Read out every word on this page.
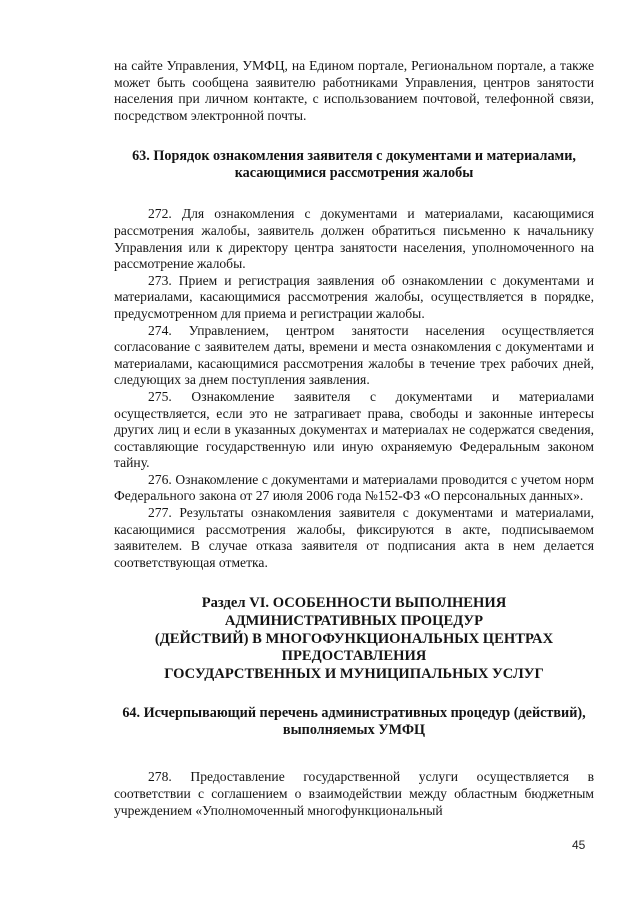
на сайте Управления, УМФЦ, на Едином портале, Региональном портале, а также может быть сообщена заявителю работниками Управления, центров занятости населения при личном контакте, с использованием почтовой, телефонной связи, посредством электронной почты.

63. Порядок ознакомления заявителя с документами и материалами, касающимися рассмотрения жалобы

272. Для ознакомления с документами и материалами, касающимися рассмотрения жалобы, заявитель должен обратиться письменно к начальнику Управления или к директору центра занятости населения, уполномоченного на рассмотрение жалобы.

273. Прием и регистрация заявления об ознакомлении с документами и материалами, касающимися рассмотрения жалобы, осуществляется в порядке, предусмотренном для приема и регистрации жалобы.

274. Управлением, центром занятости населения осуществляется согласование с заявителем даты, времени и места ознакомления с документами и материалами, касающимися рассмотрения жалобы в течение трех рабочих дней, следующих за днем поступления заявления.

275. Ознакомление заявителя с документами и материалами осуществляется, если это не затрагивает права, свободы и законные интересы других лиц и если в указанных документах и материалах не содержатся сведения, составляющие государственную или иную охраняемую Федеральным законом тайну.

276. Ознакомление с документами и материалами проводится с учетом норм Федерального закона от 27 июля 2006 года №152-ФЗ «О персональных данных».

277. Результаты ознакомления заявителя с документами и материалами, касающимися рассмотрения жалобы, фиксируются в акте, подписываемом заявителем. В случае отказа заявителя от подписания акта в нем делается соответствующая отметка.

Раздел VI. ОСОБЕННОСТИ ВЫПОЛНЕНИЯ
АДМИНИСТРАТИВНЫХ ПРОЦЕДУР
(ДЕЙСТВИЙ) В МНОГОФУНКЦИОНАЛЬНЫХ ЦЕНТРАХ
ПРЕДОСТАВЛЕНИЯ
ГОСУДАРСТВЕННЫХ И МУНИЦИПАЛЬНЫХ УСЛУГ
64. Исчерпывающий перечень административных процедур (действий), выполняемых УМФЦ

278. Предоставление государственной услуги осуществляется в соответствии с соглашением о взаимодействии между областным бюджетным учреждением «Уполномоченный многофункциональный

45
